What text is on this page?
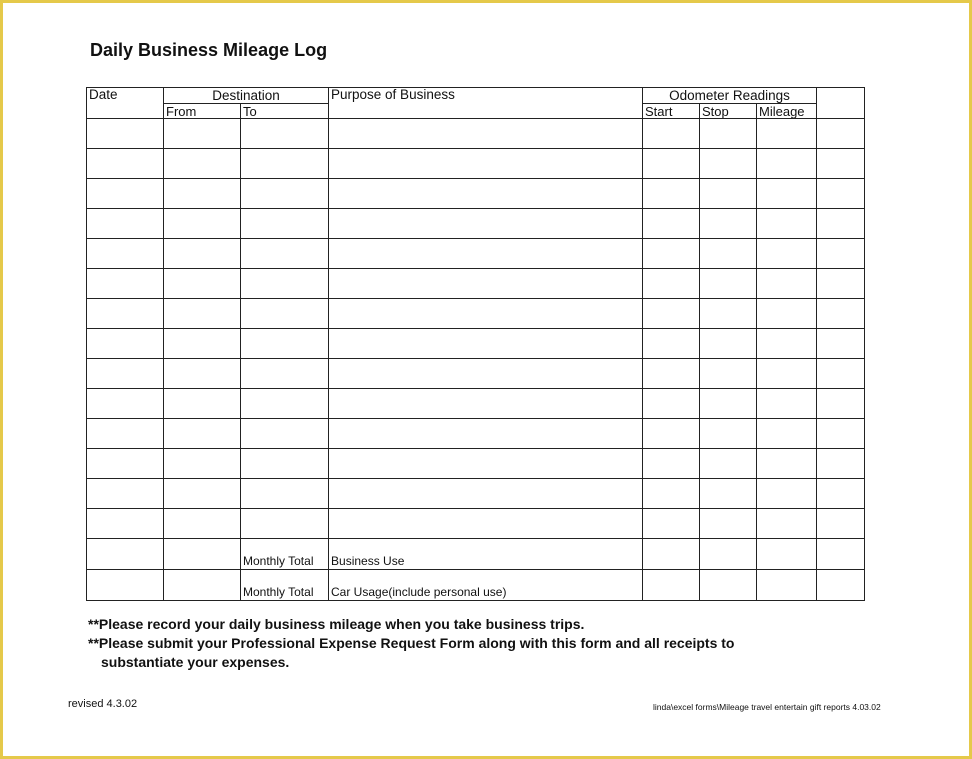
Daily Business Mileage Log
Date	Destination		Purpose of Business	Odometer Readings			
	From	To		Start	Stop	Mileage	

		Monthly Total	Business Use				
		Monthly Total	Car Usage(include personal use)				
**Please record your daily business mileage when you take business trips.
**Please submit your Professional Expense Request Form along with this form and all receipts to
substantiate your expenses.
revised 4.3.02	linda\excel forms\Mileage travel entertain gift reports 4.03.02
